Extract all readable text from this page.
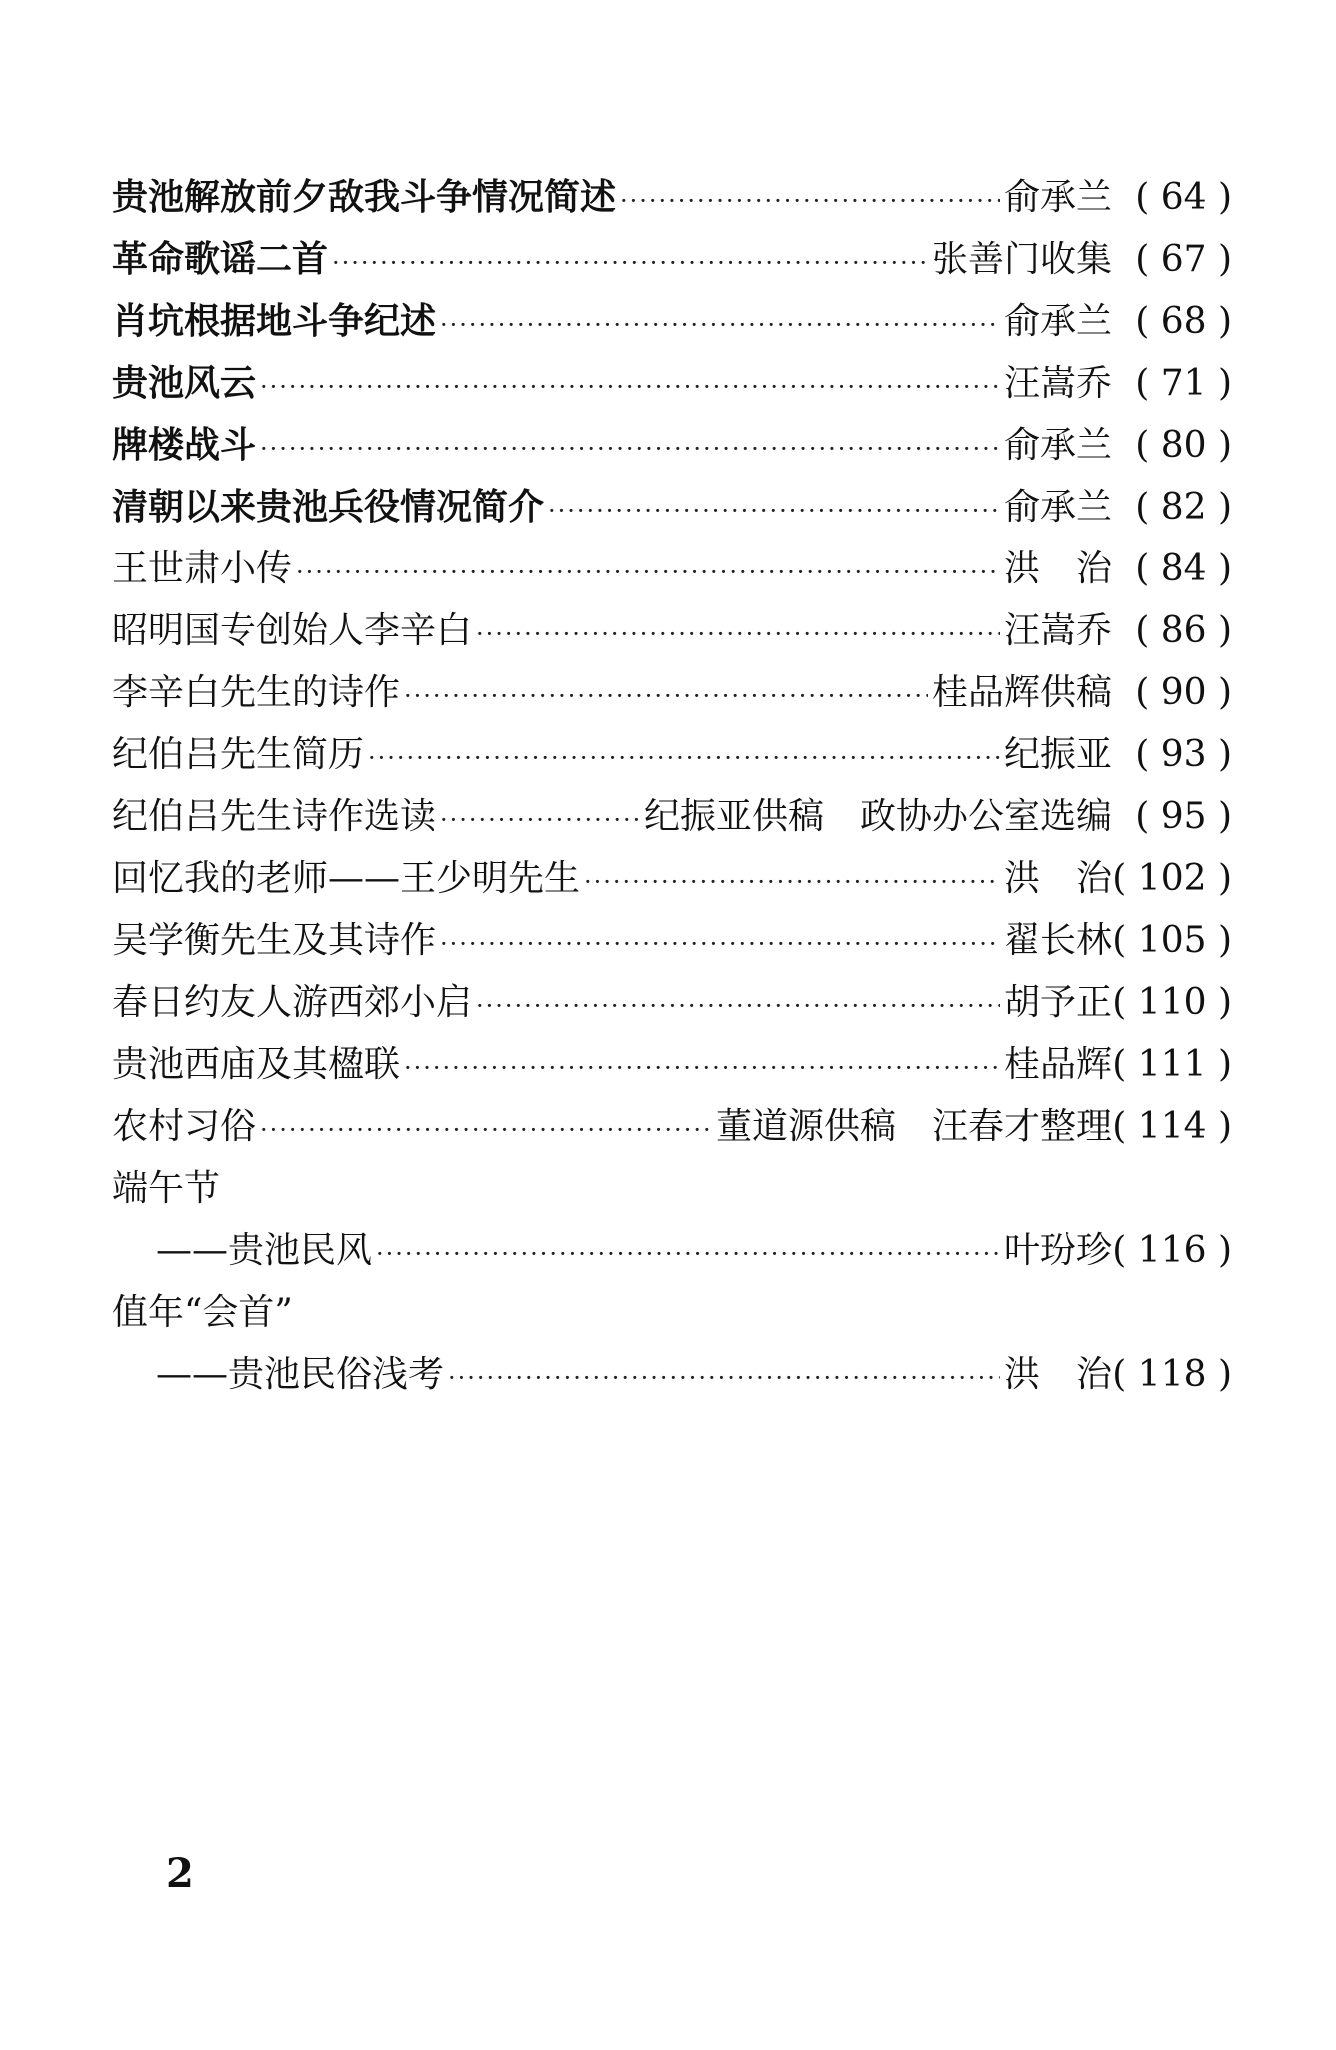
贵池解放前夕敌我斗争情况简述 ·····	俞承兰 ( 64 )
革命歌谣二首 ·····	张善门收集 ( 67 )
肖坑根据地斗争纪述 ·····	俞承兰 ( 68 )
贵池风云 ·····	汪嵩乔 ( 71 )
牌楼战斗 ·····	俞承兰 ( 80 )
清朝以来贵池兵役情况简介 ·····	俞承兰 ( 82 )
王世肃小传 ·····	洪　治 ( 84 )
昭明国专创始人李辛白 ·····	汪嵩乔 ( 86 )
李辛白先生的诗作 ·····	桂品辉供稿 ( 90 )
纪伯吕先生简历 ·····	纪振亚 ( 93 )
纪伯吕先生诗作选读 ·····	纪振亚供稿　政协办公室选编 ( 95 )
回忆我的老师——王少明先生 ·····	洪　治 ( 102 )
吴学衡先生及其诗作 ·····	翟长林 ( 105 )
春日约友人游西郊小启 ·····	胡予正 ( 110 )
贵池西庙及其楹联 ·····	桂品辉 ( 111 )
农村习俗 ·····	董道源供稿　汪春才整理 ( 114 )
端午节
——贵池民风 ·····	叶玢珍 ( 116 )
值年“会首”
——贵池民俗浅考 ·····	洪　治 ( 118 )
2
